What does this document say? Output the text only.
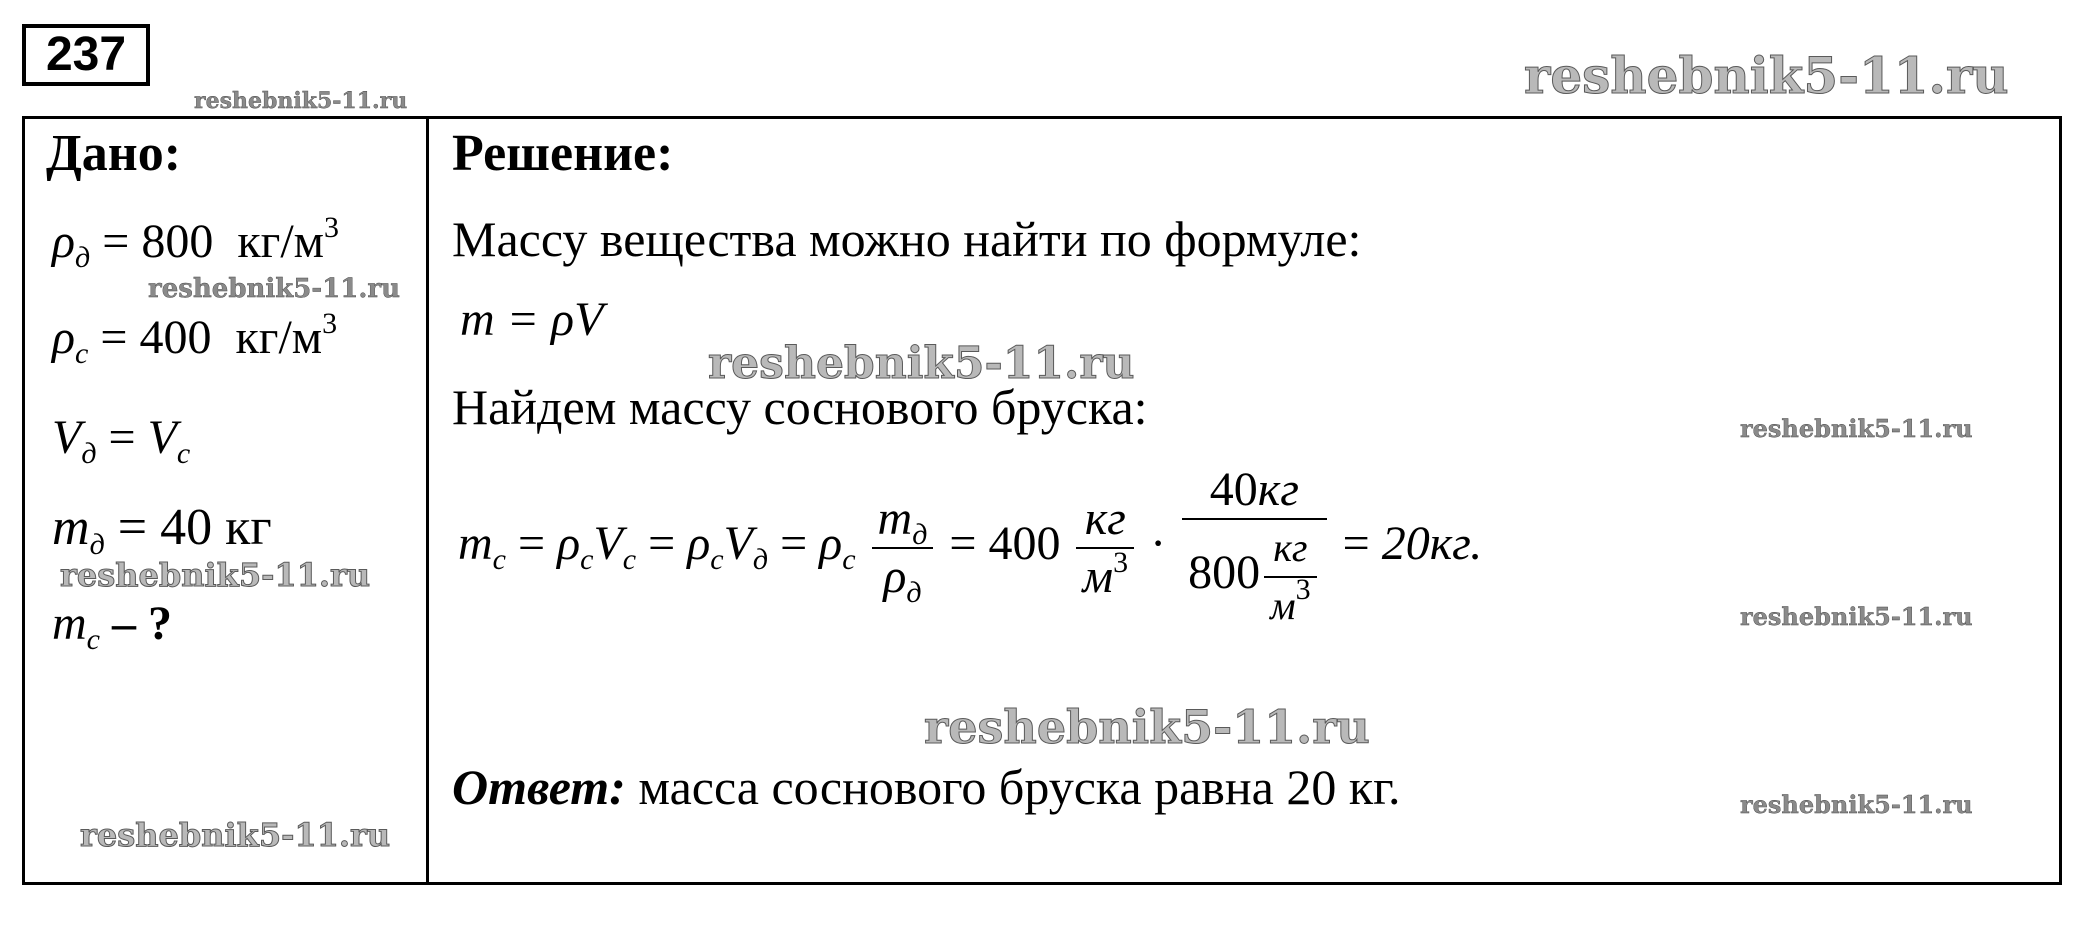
237
Дано:
$\rho_д = 800$ $кг/м^3$
$\rho_с = 400$ $кг/м^3$
$V_д = V_с$
$m_д = 40$ кг
$m_с$ – ?
Решение:
Массу вещества можно найти по формуле:
m = ρV
Найдем массу соснового бруска:
$m_с = \rho_сV_с = \rho_сV_д = \rho_с \frac{m_д}{\rho_д} = 400 \frac{кг}{м^3} \cdot \frac{40кг}{800 \frac{кг}{м^3}} = 20кг$.
Ответ: масса соснового бруска равна 20 кг.
reshebnik5-11.ru	reshebnik5-11.ru
reshebnik5-11.ru
reshebnik5-11.ru
reshebnik5-11.ru
reshebnik5-11.ru
reshebnik5-11.ru
reshebnik5-11.ru
reshebnik5-11.ru
reshebnik5-11.ru
